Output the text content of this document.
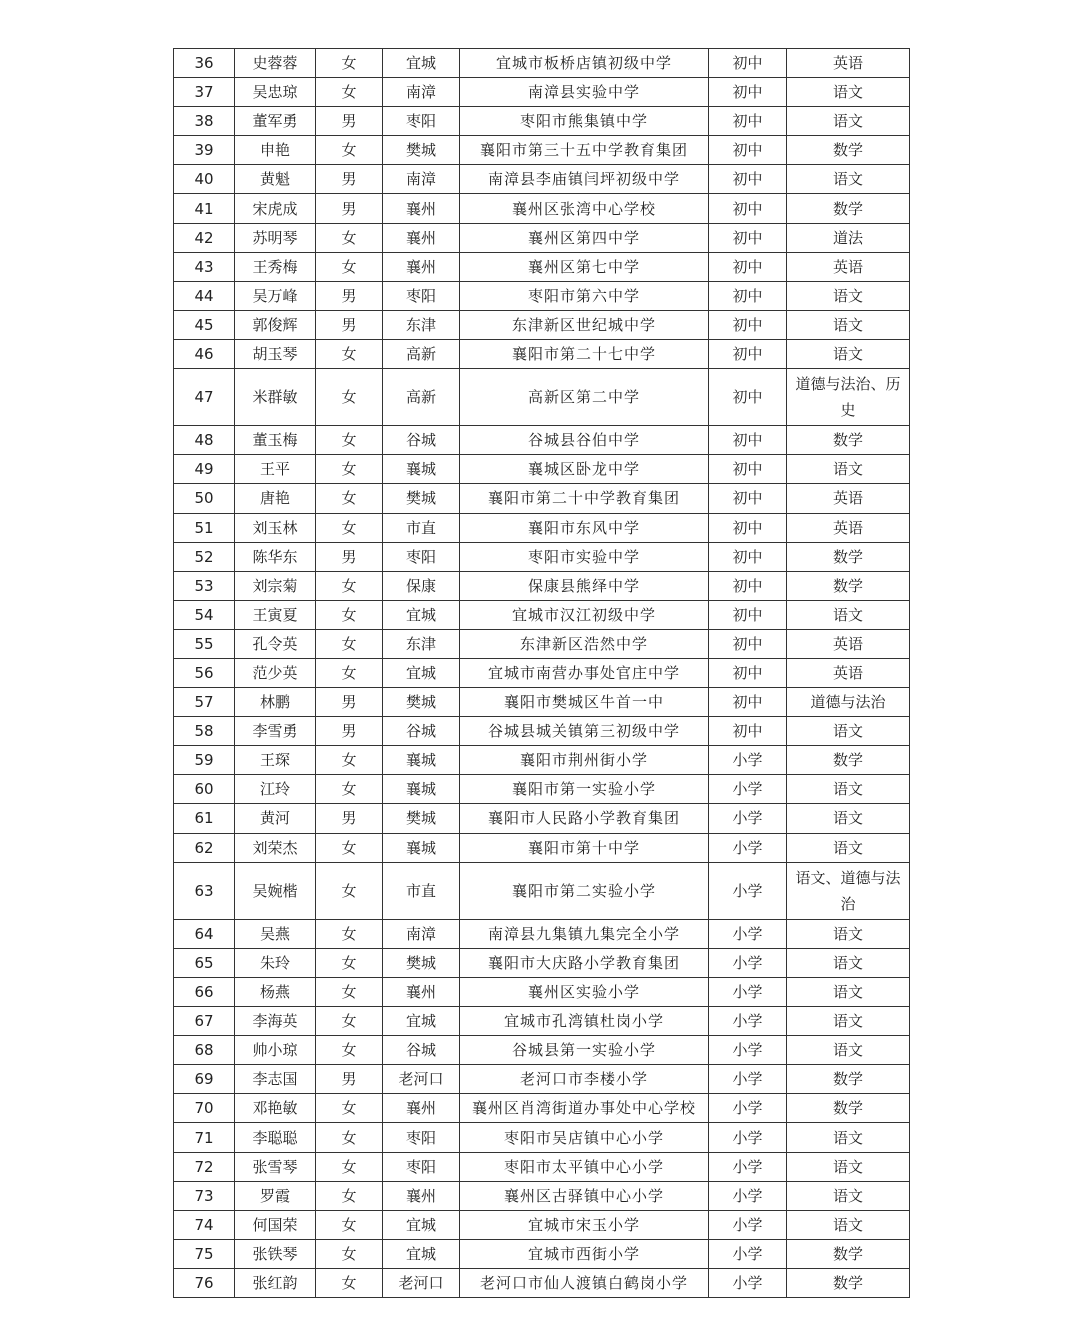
36	史蓉蓉	女	宜城	宜城市板桥店镇初级中学	初中	英语
37	吴忠琼	女	南漳	南漳县实验中学	初中	语文
38	董军勇	男	枣阳	枣阳市熊集镇中学	初中	语文
39	申艳	女	樊城	襄阳市第三十五中学教育集团	初中	数学
40	黄魁	男	南漳	南漳县李庙镇闫坪初级中学	初中	语文
41	宋虎成	男	襄州	襄州区张湾中心学校	初中	数学
42	苏明琴	女	襄州	襄州区第四中学	初中	道法
43	王秀梅	女	襄州	襄州区第七中学	初中	英语
44	吴万峰	男	枣阳	枣阳市第六中学	初中	语文
45	郭俊辉	男	东津	东津新区世纪城中学	初中	语文
46	胡玉琴	女	高新	襄阳市第二十七中学	初中	语文
47	米群敏	女	高新	高新区第二中学	初中	道德与法治、历史
48	董玉梅	女	谷城	谷城县谷伯中学	初中	数学
49	王平	女	襄城	襄城区卧龙中学	初中	语文
50	唐艳	女	樊城	襄阳市第二十中学教育集团	初中	英语
51	刘玉林	女	市直	襄阳市东风中学	初中	英语
52	陈华东	男	枣阳	枣阳市实验中学	初中	数学
53	刘宗菊	女	保康	保康县熊绎中学	初中	数学
54	王寅夏	女	宜城	宜城市汉江初级中学	初中	语文
55	孔令英	女	东津	东津新区浩然中学	初中	英语
56	范少英	女	宜城	宜城市南营办事处官庄中学	初中	英语
57	林鹏	男	樊城	襄阳市樊城区牛首一中	初中	道德与法治
58	李雪勇	男	谷城	谷城县城关镇第三初级中学	初中	语文
59	王琛	女	襄城	襄阳市荆州街小学	小学	数学
60	江玲	女	襄城	襄阳市第一实验小学	小学	语文
61	黄河	男	樊城	襄阳市人民路小学教育集团	小学	语文
62	刘荣杰	女	襄城	襄阳市第十中学	小学	语文
63	吴婉楷	女	市直	襄阳市第二实验小学	小学	语文、道德与法治
64	吴燕	女	南漳	南漳县九集镇九集完全小学	小学	语文
65	朱玲	女	樊城	襄阳市大庆路小学教育集团	小学	语文
66	杨燕	女	襄州	襄州区实验小学	小学	语文
67	李海英	女	宜城	宜城市孔湾镇杜岗小学	小学	语文
68	帅小琼	女	谷城	谷城县第一实验小学	小学	语文
69	李志国	男	老河口	老河口市李楼小学	小学	数学
70	邓艳敏	女	襄州	襄州区肖湾街道办事处中心学校	小学	数学
71	李聪聪	女	枣阳	枣阳市吴店镇中心小学	小学	语文
72	张雪琴	女	枣阳	枣阳市太平镇中心小学	小学	语文
73	罗霞	女	襄州	襄州区古驿镇中心小学	小学	语文
74	何国荣	女	宜城	宜城市宋玉小学	小学	语文
75	张铁琴	女	宜城	宜城市西街小学	小学	数学
76	张红韵	女	老河口	老河口市仙人渡镇白鹤岗小学	小学	数学
